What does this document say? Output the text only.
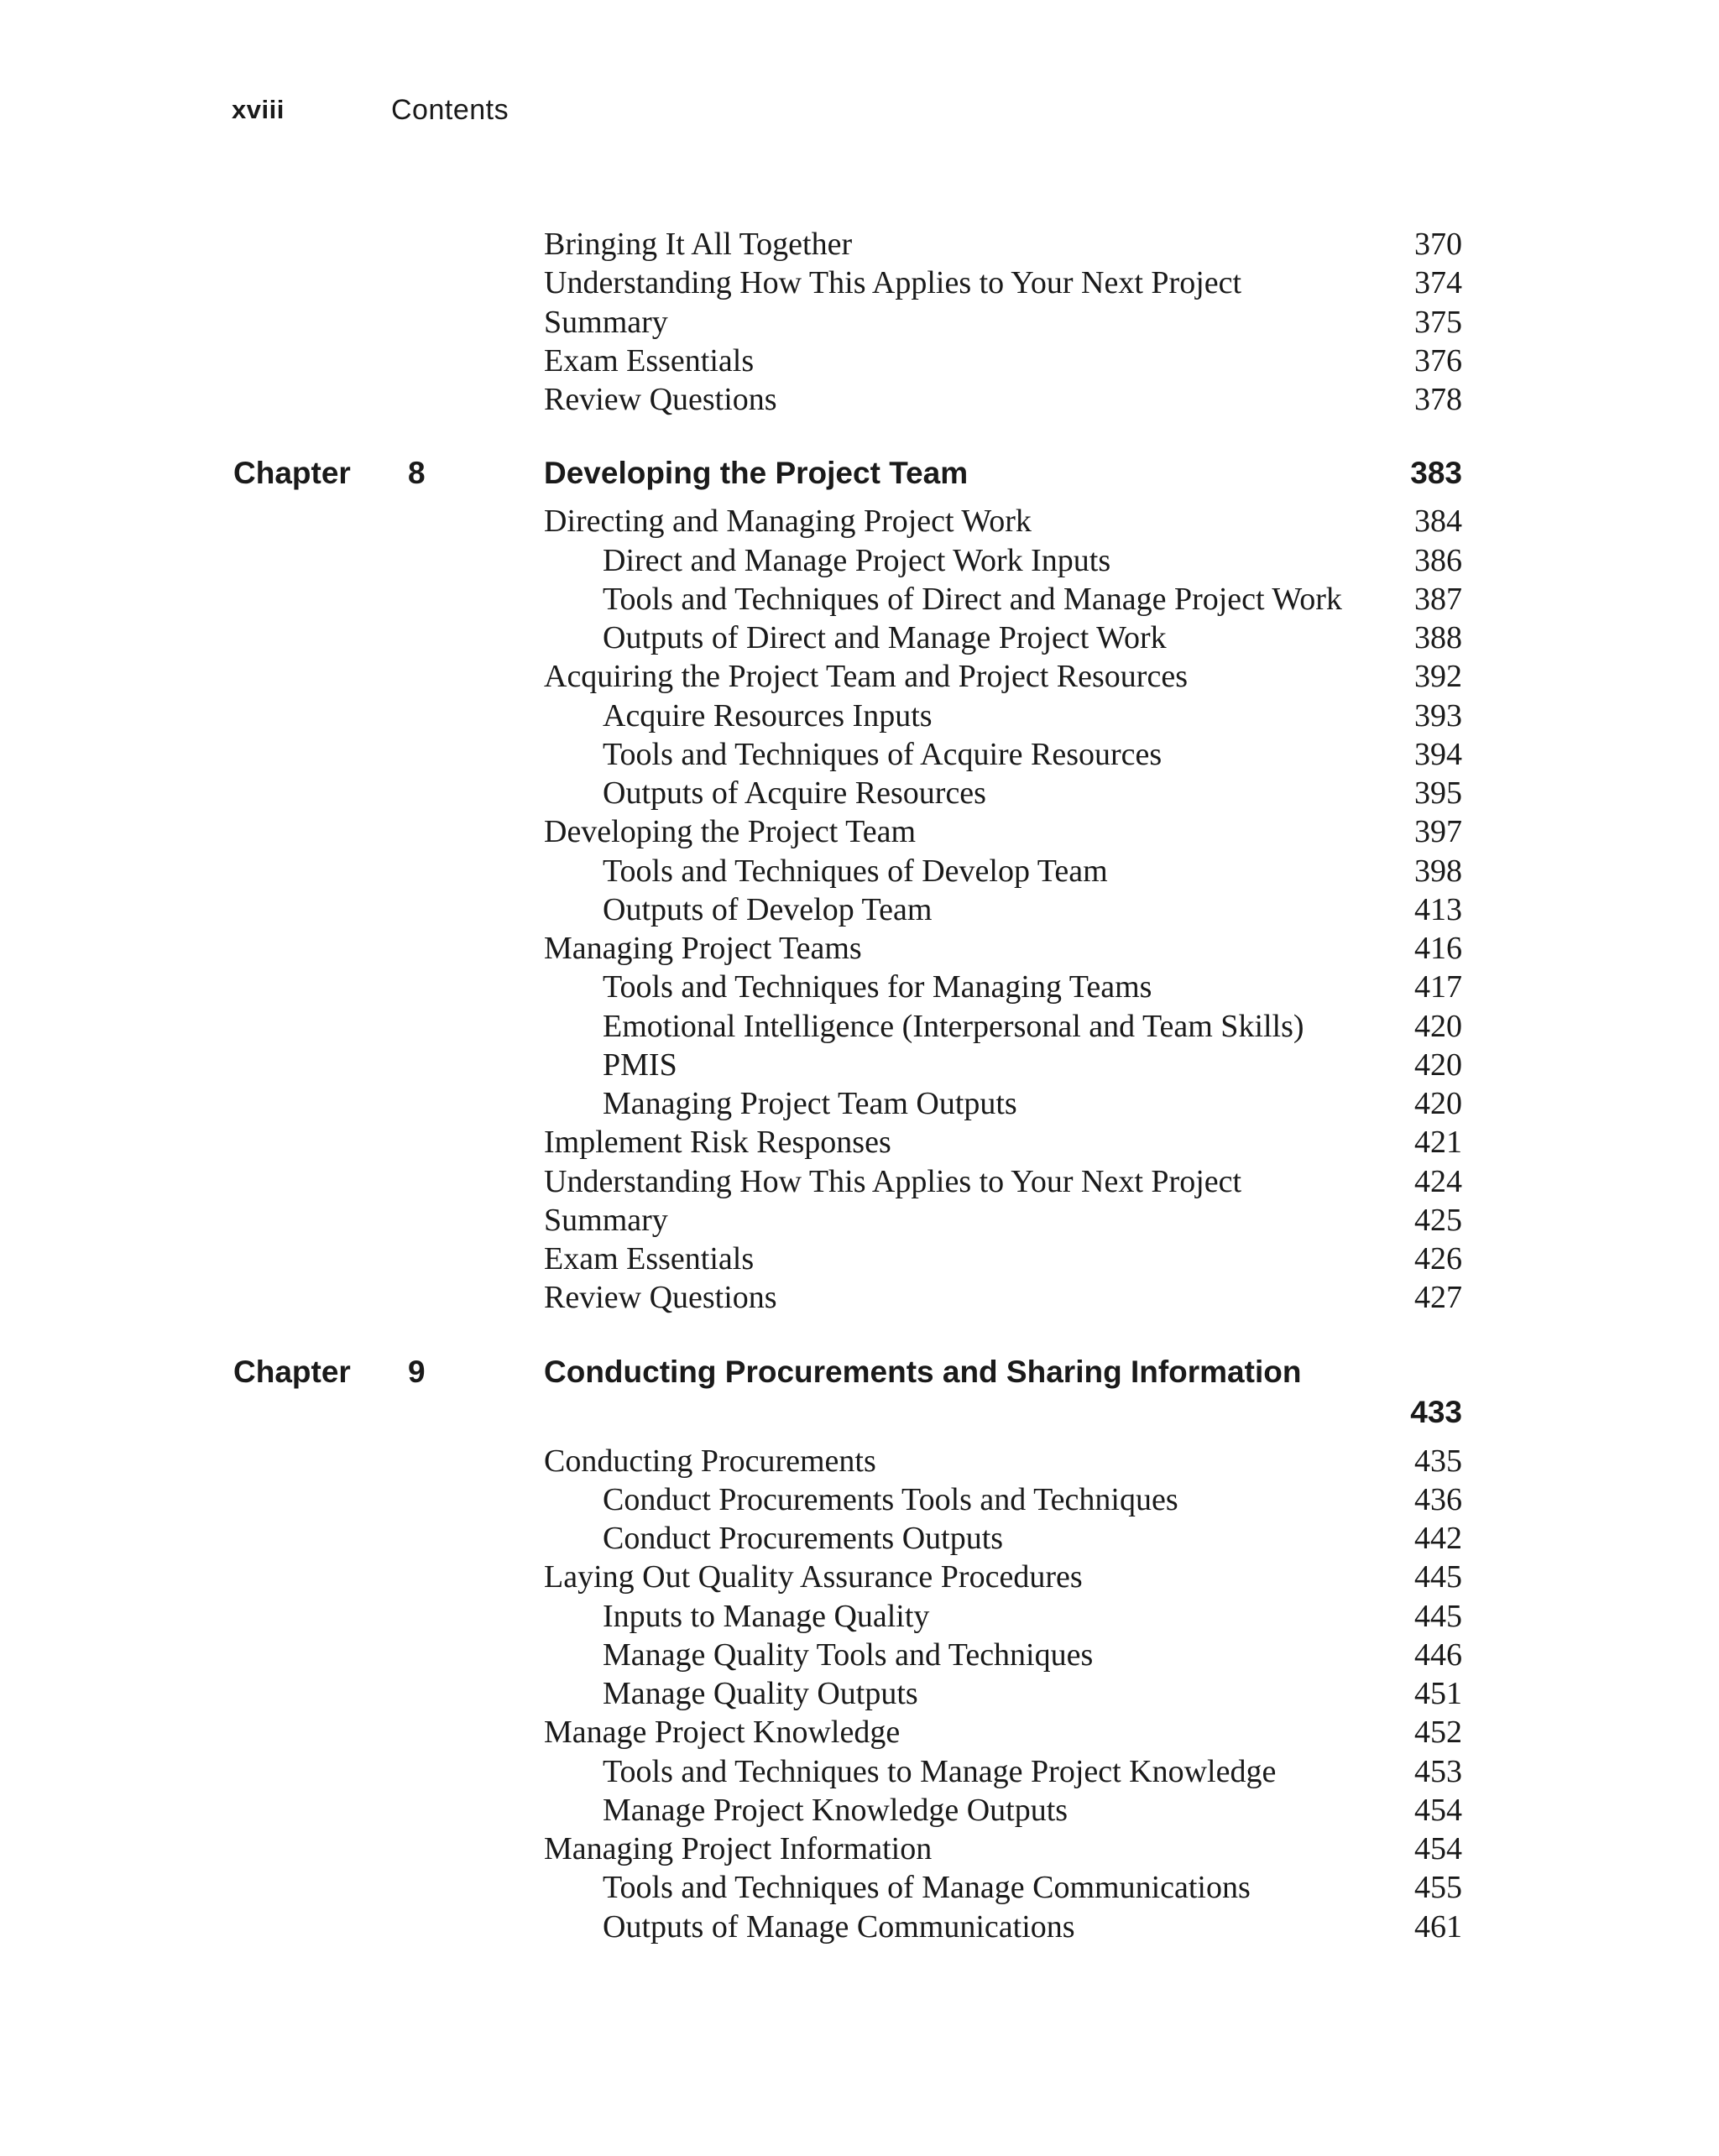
xviii	Contents
Bringing It All Together	370
Understanding How This Applies to Your Next Project	374
Summary	375
Exam Essentials	376
Review Questions	378
Chapter 8	Developing the Project Team	383
Directing and Managing Project Work	384
Direct and Manage Project Work Inputs	386
Tools and Techniques of Direct and Manage Project Work 387
Outputs of Direct and Manage Project Work	388
Acquiring the Project Team and Project Resources	392
Acquire Resources Inputs	393
Tools and Techniques of Acquire Resources	394
Outputs of Acquire Resources	395
Developing the Project Team	397
Tools and Techniques of Develop Team	398
Outputs of Develop Team	413
Managing Project Teams	416
Tools and Techniques for Managing Teams	417
Emotional Intelligence (Interpersonal and Team Skills)	420
PMIS	420
Managing Project Team Outputs	420
Implement Risk Responses	421
Understanding How This Applies to Your Next Project	424
Summary	425
Exam Essentials	426
Review Questions	427
Chapter 9	Conducting Procurements and Sharing Information
433
Conducting Procurements	435
Conduct Procurements Tools and Techniques	436
Conduct Procurements Outputs	442
Laying Out Quality Assurance Procedures	445
Inputs to Manage Quality	445
Manage Quality Tools and Techniques	446
Manage Quality Outputs	451
Manage Project Knowledge	452
Tools and Techniques to Manage Project Knowledge	453
Manage Project Knowledge Outputs	454
Managing Project Information	454
Tools and Techniques of Manage Communications	455
Outputs of Manage Communications	461
